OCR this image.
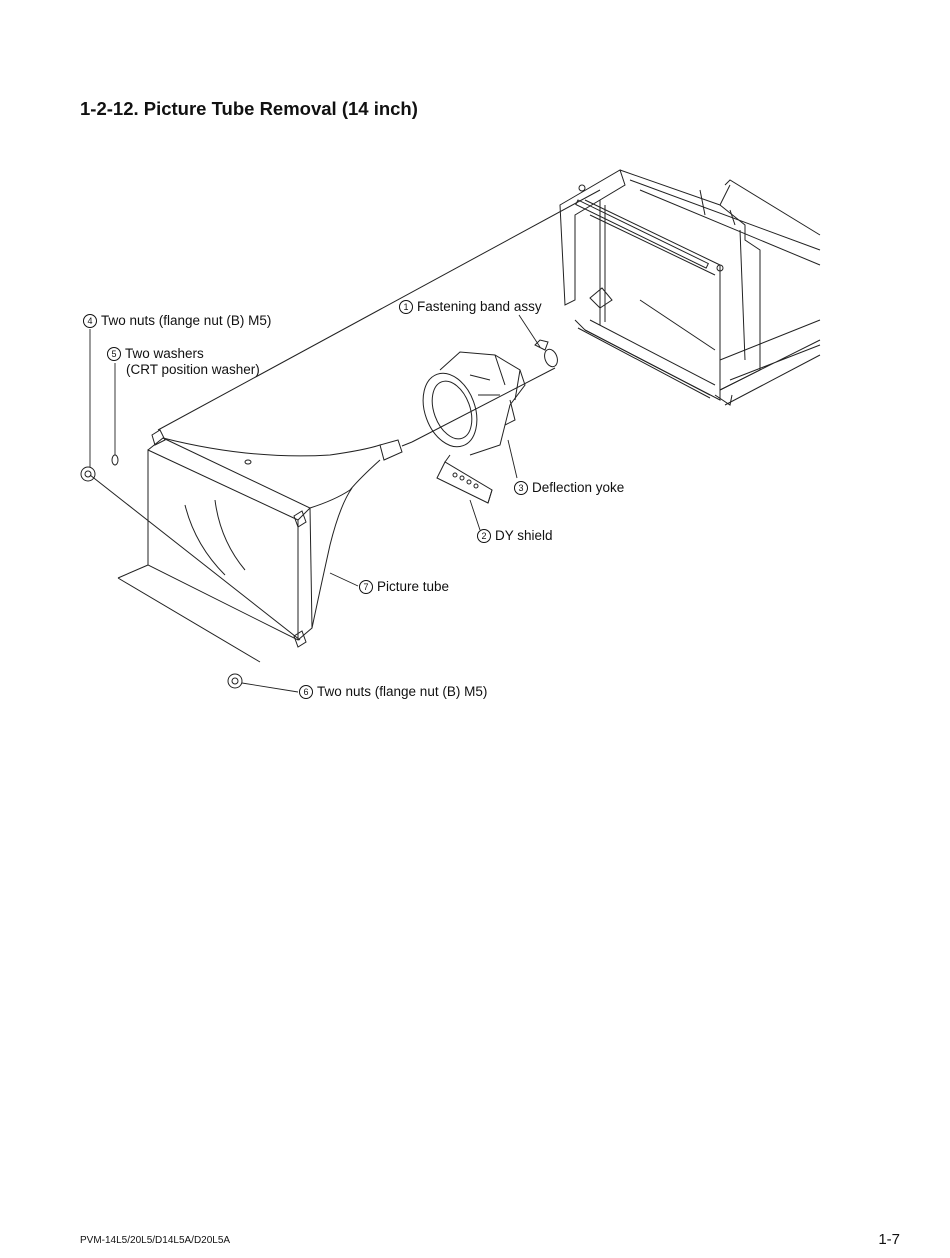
1-2-12. Picture Tube Removal (14 inch)
1 Fastening band assy
4 Two nuts (flange nut (B) M5)
5 Two washers
(CRT position washer)
3 Deflection yoke
2 DY shield
7 Picture tube
6 Two nuts (flange nut (B) M5)
PVM-14L5/20L5/D14L5A/D20L5A	1-7
